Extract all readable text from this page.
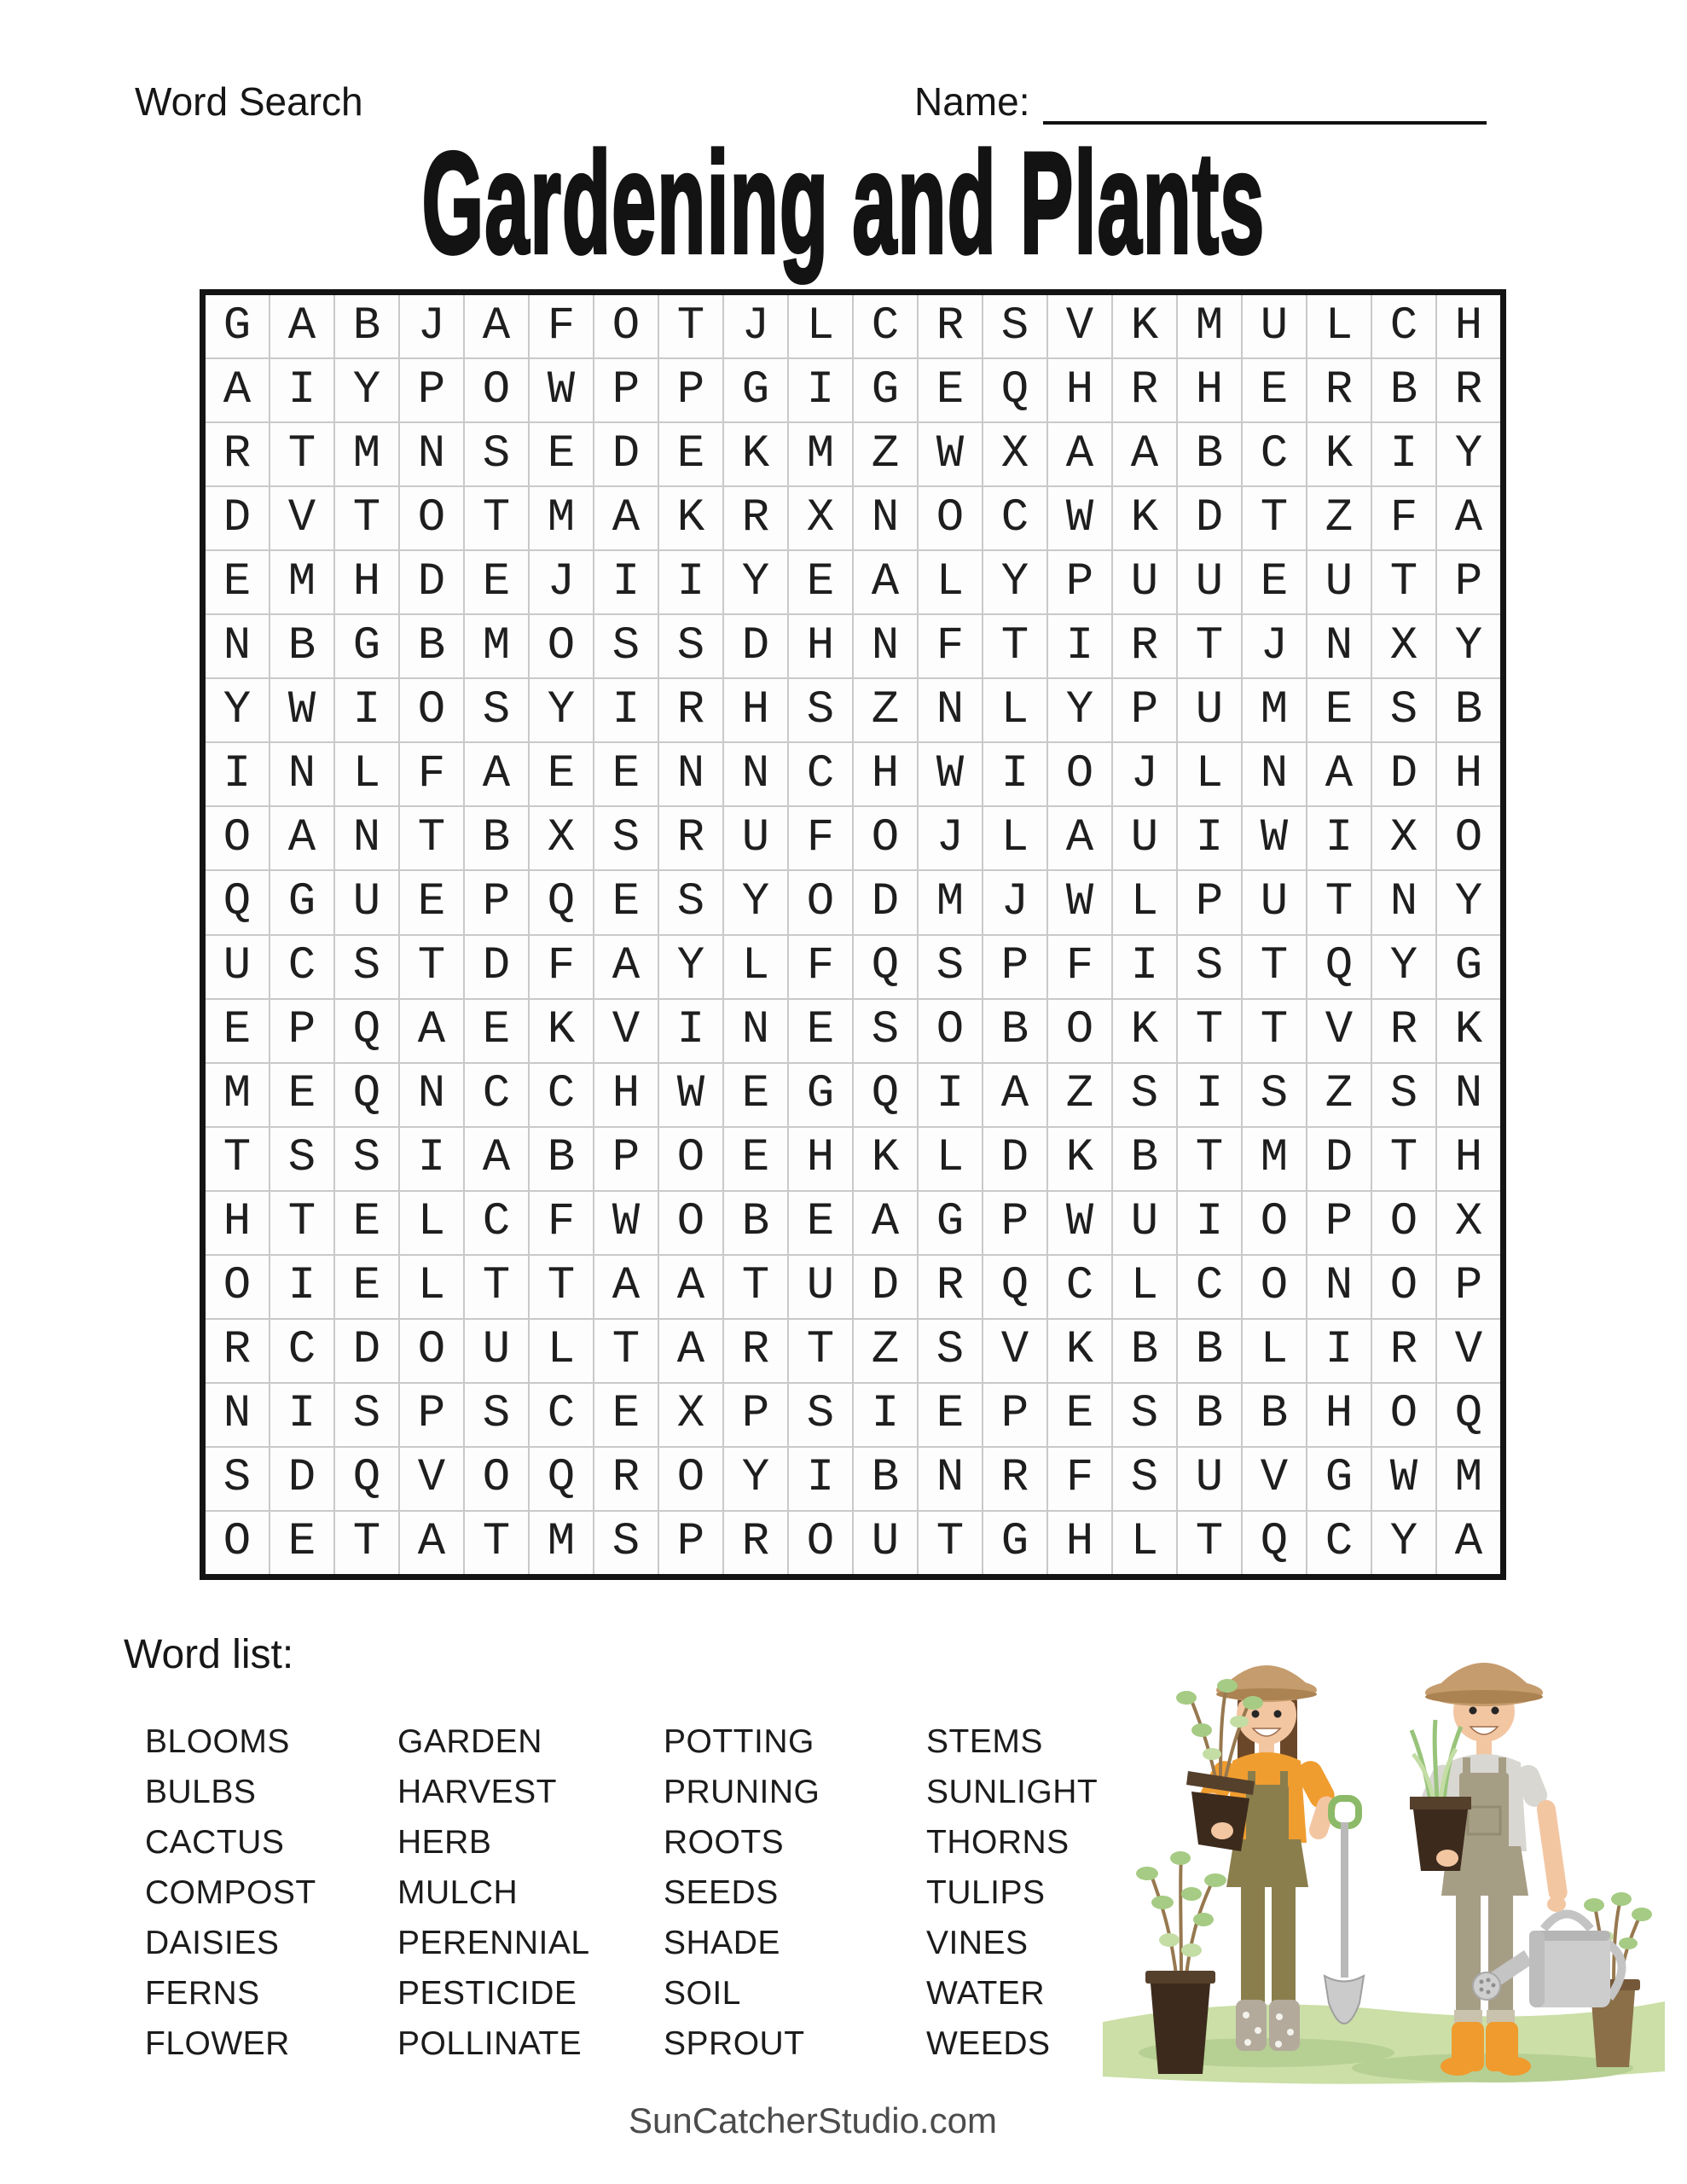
Word Search	Name:
Gardening and Plants
G A B J A F O T J L C R S V K M U L C H
A I Y P O W P P G I G E Q H R H E R B R
R T M N S E D E K M Z W X A A B C K I Y
D V T O T M A K R X N O C W K D T Z F A
E M H D E J I I Y E A L Y P U U E U T P
N B G B M O S S D H N F T I R T J N X Y
Y W I O S Y I R H S Z N L Y P U M E S B
I N L F A E E N N C H W I O J L N A D H
O A N T B X S R U F O J L A U I W I X O
Q G U E P Q E S Y O D M J W L P U T N Y
U C S T D F A Y L F Q S P F I S T Q Y G
E P Q A E K V I N E S O B O K T T V R K
M E Q N C C H W E G Q I A Z S I S Z S N
T S S I A B P O E H K L D K B T M D T H
H T E L C F W O B E A G P W U I O P O X
O I E L T T A A T U D R Q C L C O N O P
R C D O U L T A R T Z S V K B B L I R V
N I S P S C E X P S I E P E S B B H O Q
S D Q V O Q R O Y I B N R F S U V G W M
O E T A T M S P R O U T G H L T Q C Y A
Word list:
BLOOMS
BULBS
CACTUS
COMPOST
DAISIES
FERNS
FLOWER
GARDEN
HARVEST
HERB
MULCH
PERENNIAL
PESTICIDE
POLLINATE
POTTING
PRUNING
ROOTS
SEEDS
SHADE
SOIL
SPROUT
STEMS
SUNLIGHT
THORNS
TULIPS
VINES
WATER
WEEDS
SunCatcherStudio.com
